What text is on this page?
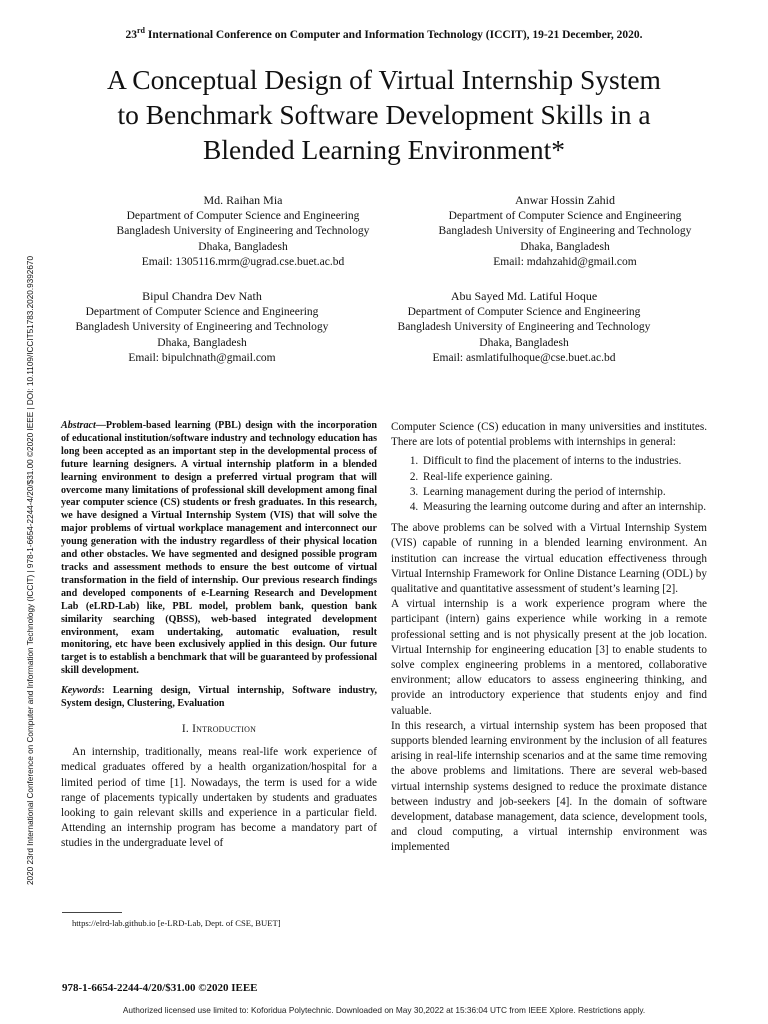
23rd International Conference on Computer and Information Technology (ICCIT), 19-21 December, 2020.
A Conceptual Design of Virtual Internship System
to Benchmark Software Development Skills in a
Blended Learning Environment*
Md. Raihan Mia
Department of Computer Science and Engineering
Bangladesh University of Engineering and Technology
Dhaka, Bangladesh
Email: 1305116.mrm@ugrad.cse.buet.ac.bd
Anwar Hossin Zahid
Department of Computer Science and Engineering
Bangladesh University of Engineering and Technology
Dhaka, Bangladesh
Email: mdahzahid@gmail.com
Bipul Chandra Dev Nath
Department of Computer Science and Engineering
Bangladesh University of Engineering and Technology
Dhaka, Bangladesh
Email: bipulchnath@gmail.com
Abu Sayed Md. Latiful Hoque
Department of Computer Science and Engineering
Bangladesh University of Engineering and Technology
Dhaka, Bangladesh
Email: asmlatifulhoque@cse.buet.ac.bd
2020 23rd International Conference on Computer and Information Technology (ICCIT) | 978-1-6654-2244-4/20/$31.00 ©2020 IEEE | DOI: 10.1109/ICCIT51783.2020.9392670	Abstract—Problem-based learning (PBL) design with the incorporation of educational institution/software industry and technology education has long been accepted as an important step in the developmental process of future learning designers. A virtual internship platform in a blended learning environment to design a preferred virtual program that will overcome many limitations of professional skill development among final year computer science (CS) students or fresh graduates. In this research, we have designed a Virtual Internship System (VIS) that will solve the major problems of virtual workplace management and interconnect our young generation with the industry regardless of their physical location and other obstacles. We have segmented and designed possible program tracks and assessment methods to ensure the best outcome of virtual transformation in the field of internship. Our previous research findings and developed components of e-Learning Research and Development Lab (eLRD-Lab) like, PBL model, problem bank, question bank similarity searching (QBSS), web-based integrated development environment, exam undertaking, automatic evaluation, result monitoring, etc have been exclusively applied in this design. Our future target is to establish a benchmark that will be guaranteed by professional skill development.
Keywords: Learning design, Virtual internship, Software industry, System design, Clustering, Evaluation
I. Introduction

An internship, traditionally, means real-life work experience of medical graduates offered by a health organization/hospital for a limited period of time [1]. Nowadays, the term is used for a wide range of placements typically undertaken by students and graduates looking to gain relevant skills and experience in a particular field. Attending an internship program has become a mandatory part of studies in the undergraduate level of

Computer Science (CS) education in many universities and institutes. There are lots of potential problems with internships in general:

1. Difficult to find the placement of interns to the industries.
2. Real-life experience gaining.
3. Learning management during the period of internship.
4. Measuring the learning outcome during and after an internship.

The above problems can be solved with a Virtual Internship System (VIS) capable of running in a blended learning environment. An institution can increase the virtual education effectiveness through Virtual Internship Framework for Online Distance Learning (ODL) by qualitative and quantitative assessment of student’s learning [2].

A virtual internship is a work experience program where the participant (intern) gains experience while working in a remote professional setting and is not physically present at the job location. Virtual Internship for engineering education [3] to enable students to solve complex engineering problems in a mentored, collaborative environment; allow educators to assess engineering thinking, and provide an introductory experience that students enjoy and find valuable.

In this research, a virtual internship system has been proposed that supports blended learning environment by the inclusion of all features arising in real-life internship scenarios and at the same time removing the above problems and limitations. There are several web-based virtual internship systems designed to reduce the proximate distance between industry and job-seekers [4]. In the domain of software development, database management, data science, development tools, and cloud computing, a virtual internship environment was implemented

https://elrd-lab.github.io [e-LRD-Lab, Dept. of CSE, BUET]
978-1-6654-2244-4/20/$31.00 ©2020 IEEE
Authorized licensed use limited to: Koforidua Polytechnic. Downloaded on May 30,2022 at 15:36:04 UTC from IEEE Xplore. Restrictions apply.
